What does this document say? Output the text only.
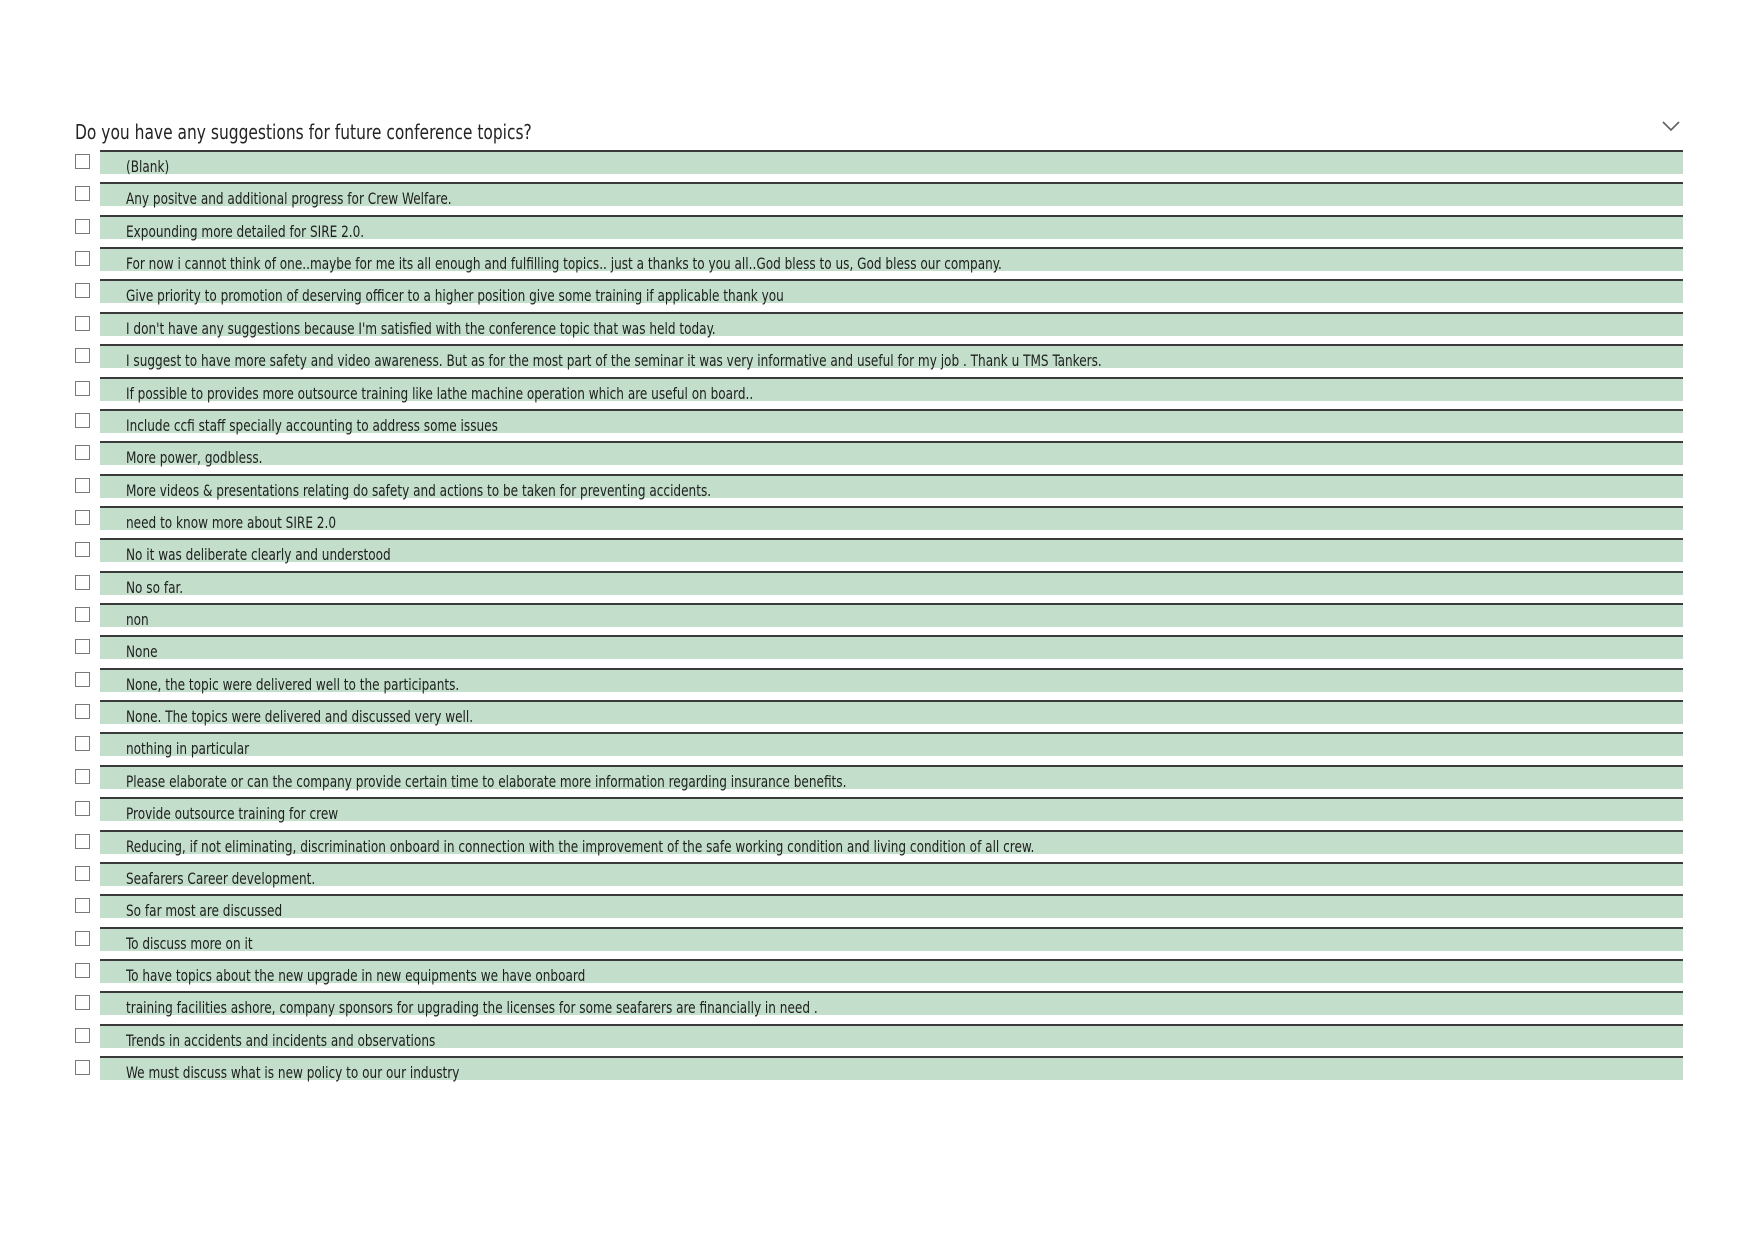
Do you have any suggestions for future conference topics?
(Blank)
Any positve and additional progress for Crew Welfare.
Expounding more detailed for SIRE 2.0.
For now i cannot think of one..maybe for me its all enough and fulfilling topics.. just a thanks to you all..God bless to us, God bless our company.
Give priority to promotion of deserving officer to a higher position give some training if applicable thank you
I don't have any suggestions because I'm satisfied with the conference topic that was held today.
I suggest to have more safety and video awareness. But as for the most part of the seminar it was very informative and useful for my job . Thank u TMS Tankers.
If possible to provides more outsource training like lathe machine operation which are useful on board..
Include ccfi staff specially accounting to address some issues
More power, godbless.
More videos & presentations relating do safety and actions to be taken for preventing accidents.
need to know more about SIRE 2.0
No it was deliberate clearly and understood
No so far.
non
None
None, the topic were delivered well to the participants.
None. The topics were delivered and discussed very well.
nothing in particular
Please elaborate or can the company provide certain time to elaborate more information regarding insurance benefits.
Provide outsource training for crew
Reducing, if not eliminating, discrimination onboard in connection with the improvement of the safe working condition and living condition of all crew.
Seafarers Career development.
So far most are discussed
To discuss more on it
To have topics about the new upgrade in new equipments we have onboard
training facilities ashore, company sponsors for upgrading the licenses for some seafarers are financially in need .
Trends in accidents and incidents and observations
We must discuss what is new policy to our our industry
